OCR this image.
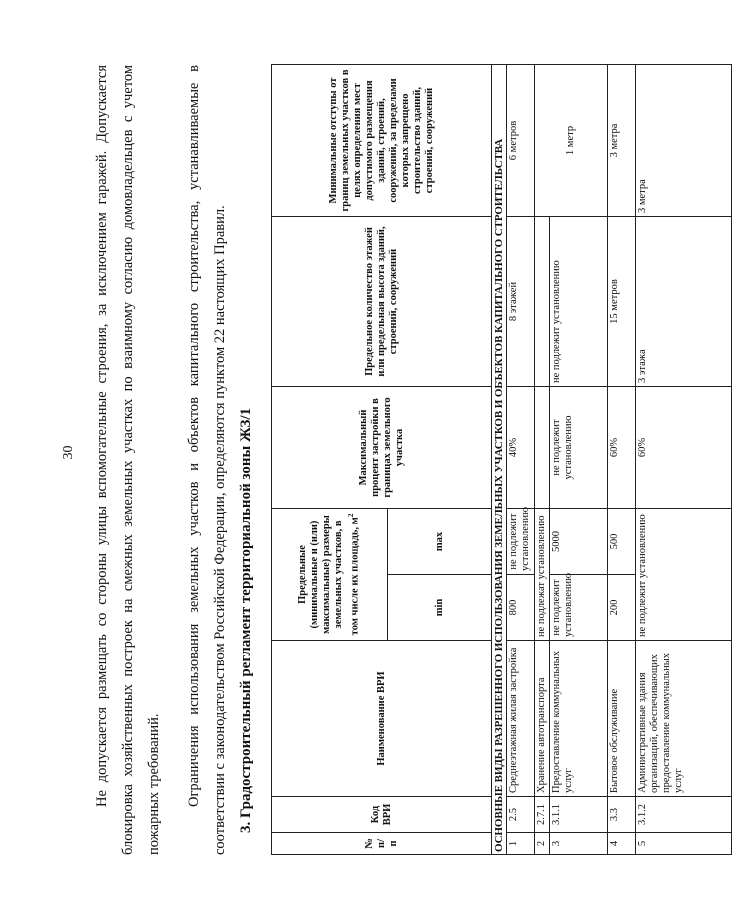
30	Не допускается размещать со стороны улицы вспомогательные строения, за исключением гаражей. Допускается блокировка хозяйственных построек на смежных земельных участках по взаимному согласию домовладельцев с учетом пожарных требований.	Ограничения использования земельных участков и объектов капитального строительства, устанавливаемые в соответствии с законодательством Российской Федерации, определяются пунктом 22 настоящих Правил. 3. Градостроительный регламент территориальной зоны ЖЗ/1
№ п/п	Код ВРИ	Наименование ВРИ	Предельные (минимальные и (или) максимальные) размеры земельных участков, в том числе их площадь, $м^2$		Максимальный процент застройки в границах земельного участка	Предельное количество этажей или предельная высота зданий, строений, сооружений	Минимальные отступы от границ земельных участков в целях определения мест допустимого размещения зданий, строений, сооружений, за пределами которых запрещено строительство зданий, строений, сооружений
			min	max			
ОСНОВНЫЕ ВИДЫ РАЗРЕШЕННОГО ИСПОЛЬЗОВАНИЯ ЗЕМЕЛЬНЫХ УЧАСТКОВ И ОБЪЕКТОВ КАПИТАЛЬНОГО СТРОИТЕЛЬСТВА							
1	2.5	Среднеэтажная жилая застройка	800	не подлежит установлению	40%	8 этажей	6 метров
2	2.7.1	Хранение автотранспорта	не подлежат установлению				1 метр
3	3.1.1	Предоставление коммунальных услуг	не подлежит установлению	5000	не подлежит установлению	не подлежит установлению	
4	3.3	Бытовое обслуживание	200	500	60%	15 метров	3 метра
5	3.1.2	Административные здания организаций, обеспечивающих предоставление коммунальных услуг	не подлежит установлению		60%	3 этажа	3 метра
